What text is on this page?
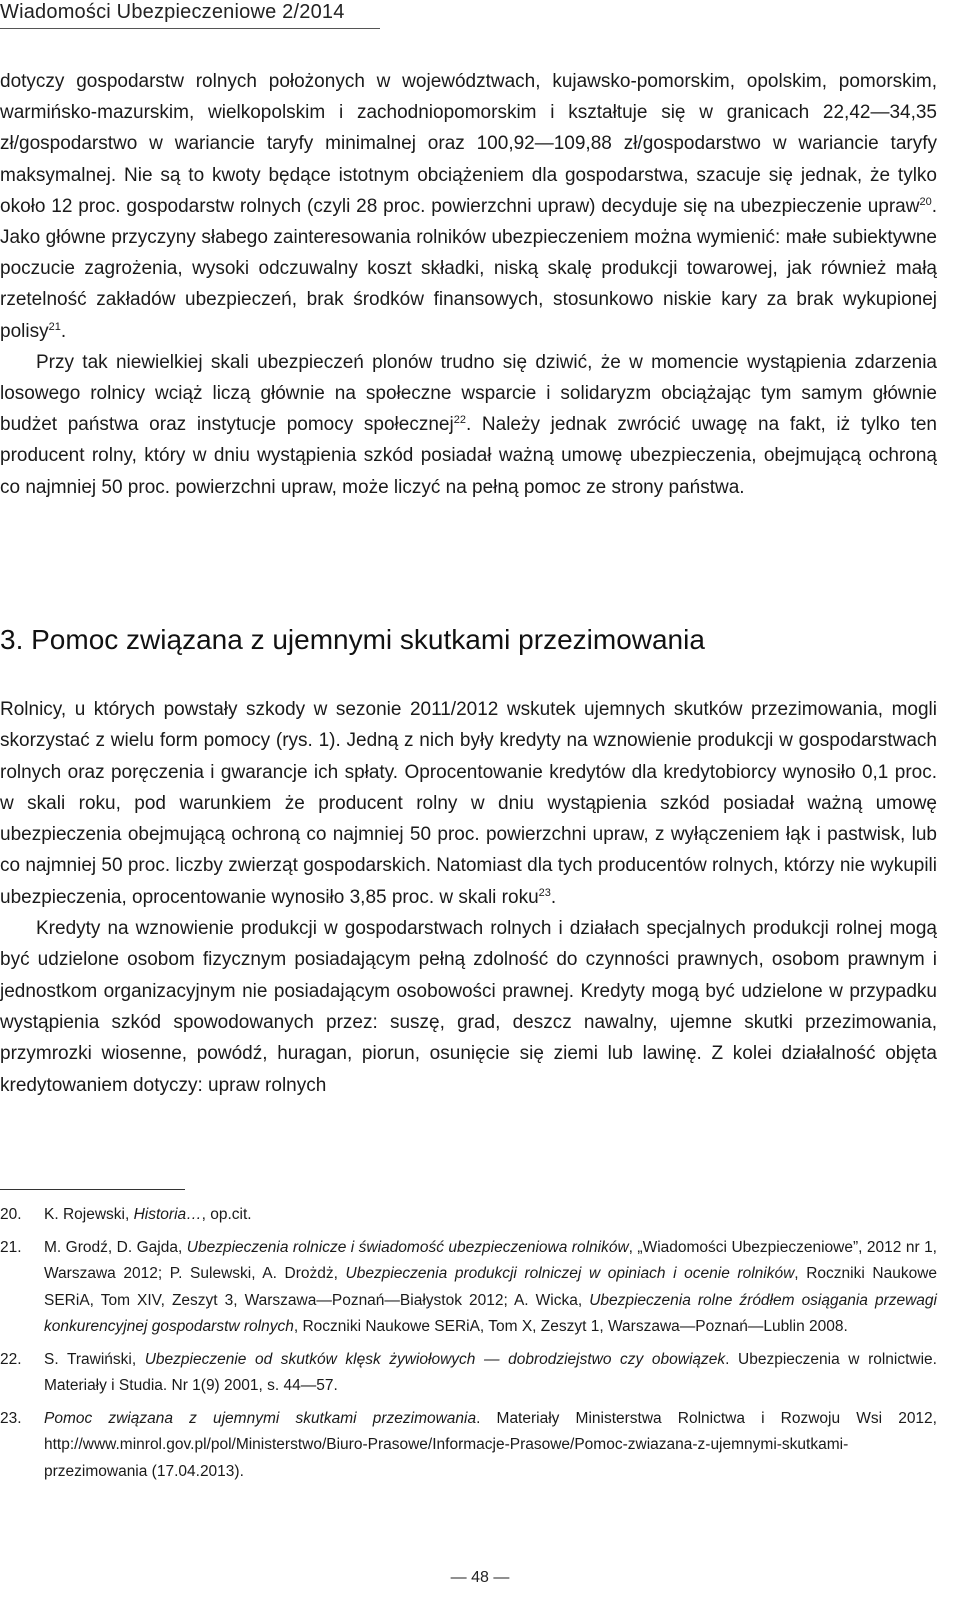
Wiadomości Ubezpieczeniowe 2/2014

dotyczy gospodarstw rolnych położonych w województwach, kujawsko-pomorskim, opolskim, pomorskim, warmińsko-mazurskim, wielkopolskim i zachodniopomorskim i kształtuje się w granicach 22,42—34,35 zł/gospodarstwo w wariancie taryfy minimalnej oraz 100,92—109,88 zł/gospodarstwo w wariancie taryfy maksymalnej. Nie są to kwoty będące istotnym obciążeniem dla gospodarstwa, szacuje się jednak, że tylko około 12 proc. gospodarstw rolnych (czyli 28 proc. powierzchni upraw) decyduje się na ubezpieczenie upraw$^{20}$. Jako główne przyczyny słabego zainteresowania rolników ubezpieczeniem można wymienić: małe subiektywne poczucie zagrożenia, wysoki odczuwalny koszt składki, niską skalę produkcji towarowej, jak również małą rzetelność zakładów ubezpieczeń, brak środków finansowych, stosunkowo niskie kary za brak wykupionej polisy$^{21}$.

Przy tak niewielkiej skali ubezpieczeń plonów trudno się dziwić, że w momencie wystąpienia zdarzenia losowego rolnicy wciąż liczą głównie na społeczne wsparcie i solidaryzm obciążając tym samym głównie budżet państwa oraz instytucje pomocy społecznej$^{22}$. Należy jednak zwrócić uwagę na fakt, iż tylko ten producent rolny, który w dniu wystąpienia szkód posiadał ważną umowę ubezpieczenia, obejmującą ochroną co najmniej 50 proc. powierzchni upraw, może liczyć na pełną pomoc ze strony państwa.

3. Pomoc związana z ujemnymi skutkami przezimowania

Rolnicy, u których powstały szkody w sezonie 2011/2012 wskutek ujemnych skutków przezimowania, mogli skorzystać z wielu form pomocy (rys. 1). Jedną z nich były kredyty na wznowienie produkcji w gospodarstwach rolnych oraz poręczenia i gwarancje ich spłaty. Oprocentowanie kredytów dla kredytobiorcy wynosiło 0,1 proc. w skali roku, pod warunkiem że producent rolny w dniu wystąpienia szkód posiadał ważną umowę ubezpieczenia obejmującą ochroną co najmniej 50 proc. powierzchni upraw, z wyłączeniem łąk i pastwisk, lub co najmniej 50 proc. liczby zwierząt gospodarskich. Natomiast dla tych producentów rolnych, którzy nie wykupili ubezpieczenia, oprocentowanie wynosiło 3,85 proc. w skali roku$^{23}$.

Kredyty na wznowienie produkcji w gospodarstwach rolnych i działach specjalnych produkcji rolnej mogą być udzielone osobom fizycznym posiadającym pełną zdolność do czynności prawnych, osobom prawnym i jednostkom organizacyjnym nie posiadającym osobowości prawnej. Kredyty mogą być udzielone w przypadku wystąpienia szkód spowodowanych przez: suszę, grad, deszcz nawalny, ujemne skutki przezimowania, przymrozki wiosenne, powódź, huragan, piorun, osunięcie się ziemi lub lawinę. Z kolei działalność objęta kredytowaniem dotyczy: upraw rolnych

20. K. Rojewski, Historia…, op.cit.
21. M. Grodź, D. Gajda, Ubezpieczenia rolnicze i świadomość ubezpieczeniowa rolników, „Wiadomości Ubezpieczeniowe”, 2012 nr 1, Warszawa 2012; P. Sulewski, A. Drożdż, Ubezpieczenia produkcji rolniczej w opiniach i ocenie rolników, Roczniki Naukowe SERiA, Tom XIV, Zeszyt 3, Warszawa—Poznań—Białystok 2012; A. Wicka, Ubezpieczenia rolne źródłem osiągania przewagi konkurencyjnej gospodarstw rolnych, Roczniki Naukowe SERiA, Tom X, Zeszyt 1, Warszawa—Poznań—Lublin 2008.
22. S. Trawiński, Ubezpieczenie od skutków klęsk żywiołowych — dobrodziejstwo czy obowiązek. Ubezpieczenia w rolnictwie. Materiały i Studia. Nr 1(9) 2001, s. 44—57.
23. Pomoc związana z ujemnymi skutkami przezimowania. Materiały Ministerstwa Rolnictwa i Rozwoju Wsi 2012, http://www.minrol.gov.pl/pol/Ministerstwo/Biuro-Prasowe/Informacje-Prasowe/Pomoc-zwiazana-z-ujemnymi-skutkami-przezimowania (17.04.2013).
— 48 —
